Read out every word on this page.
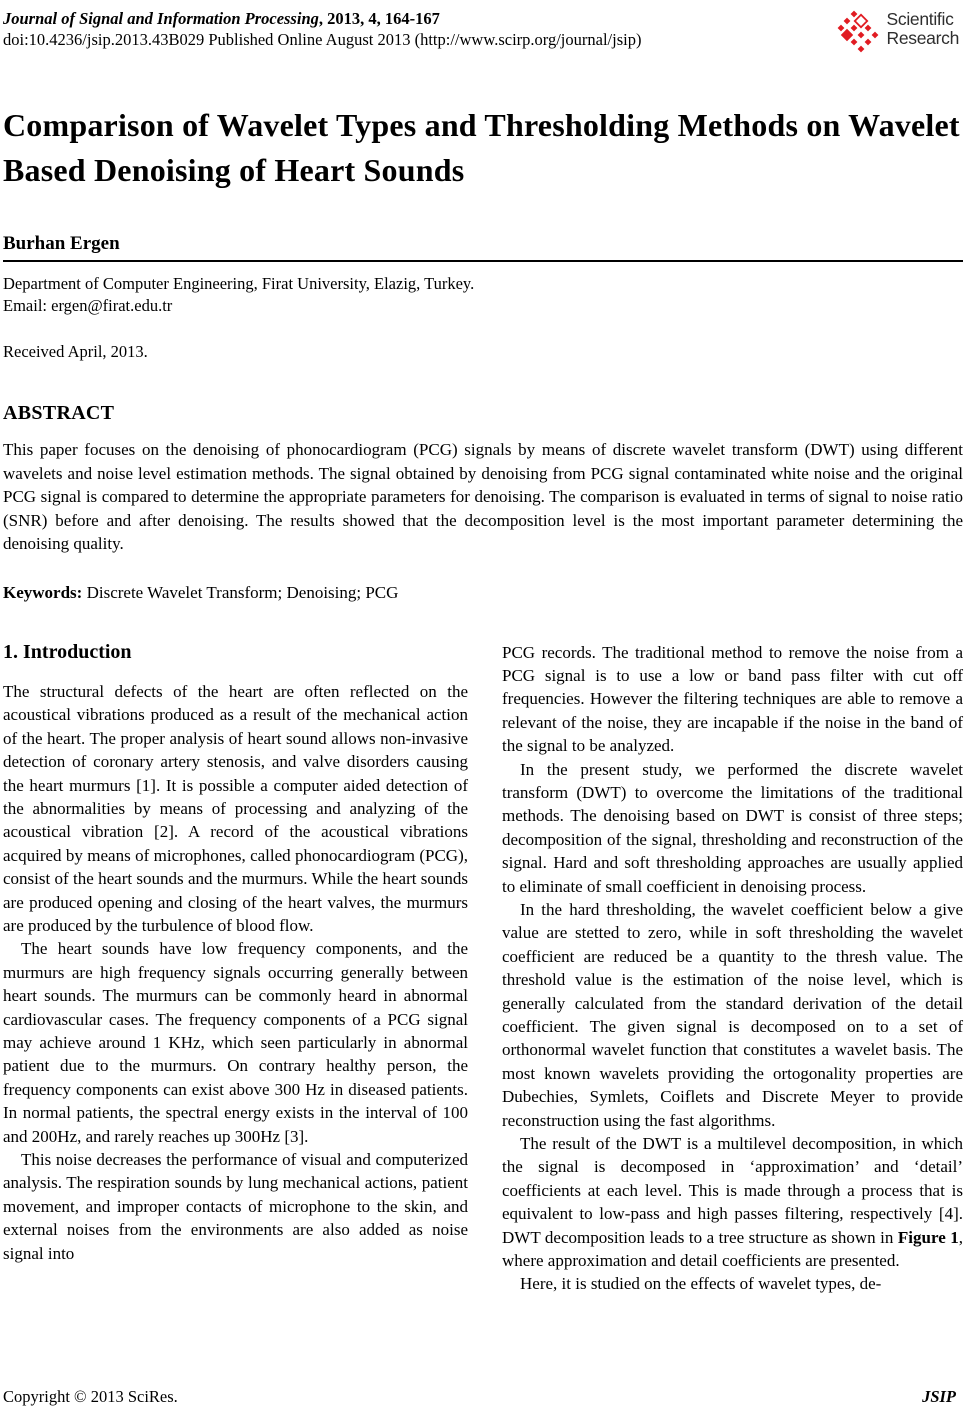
Journal of Signal and Information Processing, 2013, 4, 164-167
doi:10.4236/jsip.2013.43B029 Published Online August 2013 (http://www.scirp.org/journal/jsip)
Scientific
Research
Comparison of Wavelet Types and Thresholding Methods on Wavelet Based Denoising of Heart Sounds
Burhan Ergen
Department of Computer Engineering, Firat University, Elazig, Turkey.
Email: ergen@firat.edu.tr
Received April, 2013.
ABSTRACT

This paper focuses on the denoising of phonocardiogram (PCG) signals by means of discrete wavelet transform (DWT) using different wavelets and noise level estimation methods. The signal obtained by denoising from PCG signal contaminated white noise and the original PCG signal is compared to determine the appropriate parameters for denoising. The comparison is evaluated in terms of signal to noise ratio (SNR) before and after denoising. The results showed that the decomposition level is the most important parameter determining the denoising quality.

Keywords: Discrete Wavelet Transform; Denoising; PCG
1. Introduction

The structural defects of the heart are often reflected on the acoustical vibrations produced as a result of the mechanical action of the heart. The proper analysis of heart sound allows non-invasive detection of coronary artery stenosis, and valve disorders causing the heart murmurs [1]. It is possible a computer aided detection of the abnormalities by means of processing and analyzing of the acoustical vibration [2]. A record of the acoustical vibrations acquired by means of microphones, called phonocardiogram (PCG), consist of the heart sounds and the murmurs. While the heart sounds are produced opening and closing of the heart valves, the murmurs are produced by the turbulence of blood flow.

The heart sounds have low frequency components, and the murmurs are high frequency signals occurring generally between heart sounds. The murmurs can be commonly heard in abnormal cardiovascular cases. The frequency components of a PCG signal may achieve around 1 KHz, which seen particularly in abnormal patient due to the murmurs. On contrary healthy person, the frequency components can exist above 300 Hz in diseased patients. In normal patients, the spectral energy exists in the interval of 100 and 200Hz, and rarely reaches up 300Hz [3].

This noise decreases the performance of visual and computerized analysis. The respiration sounds by lung mechanical actions, patient movement, and improper contacts of microphone to the skin, and external noises from the environments are also added as noise signal into

PCG records. The traditional method to remove the noise from a PCG signal is to use a low or band pass filter with cut off frequencies. However the filtering techniques are able to remove a relevant of the noise, they are incapable if the noise in the band of the signal to be analyzed.

In the present study, we performed the discrete wavelet transform (DWT) to overcome the limitations of the traditional methods. The denoising based on DWT is consist of three steps; decomposition of the signal, thresholding and reconstruction of the signal. Hard and soft thresholding approaches are usually applied to eliminate of small coefficient in denoising process.

In the hard thresholding, the wavelet coefficient below a give value are stetted to zero, while in soft thresholding the wavelet coefficient are reduced be a quantity to the thresh value. The threshold value is the estimation of the noise level, which is generally calculated from the standard derivation of the detail coefficient. The given signal is decomposed on to a set of orthonormal wavelet function that constitutes a wavelet basis. The most known wavelets providing the ortogonality properties are Dubechies, Symlets, Coiflets and Discrete Meyer to provide reconstruction using the fast algorithms.

The result of the DWT is a multilevel decomposition, in which the signal is decomposed in ‘approximation’ and ‘detail’ coefficients at each level. This is made through a process that is equivalent to low-pass and high passes filtering, respectively [4]. DWT decomposition leads to a tree structure as shown in Figure 1, where approximation and detail coefficients are presented.

Here, it is studied on the effects of wavelet types, de-

Copyright © 2013 SciRes.	JSIP
